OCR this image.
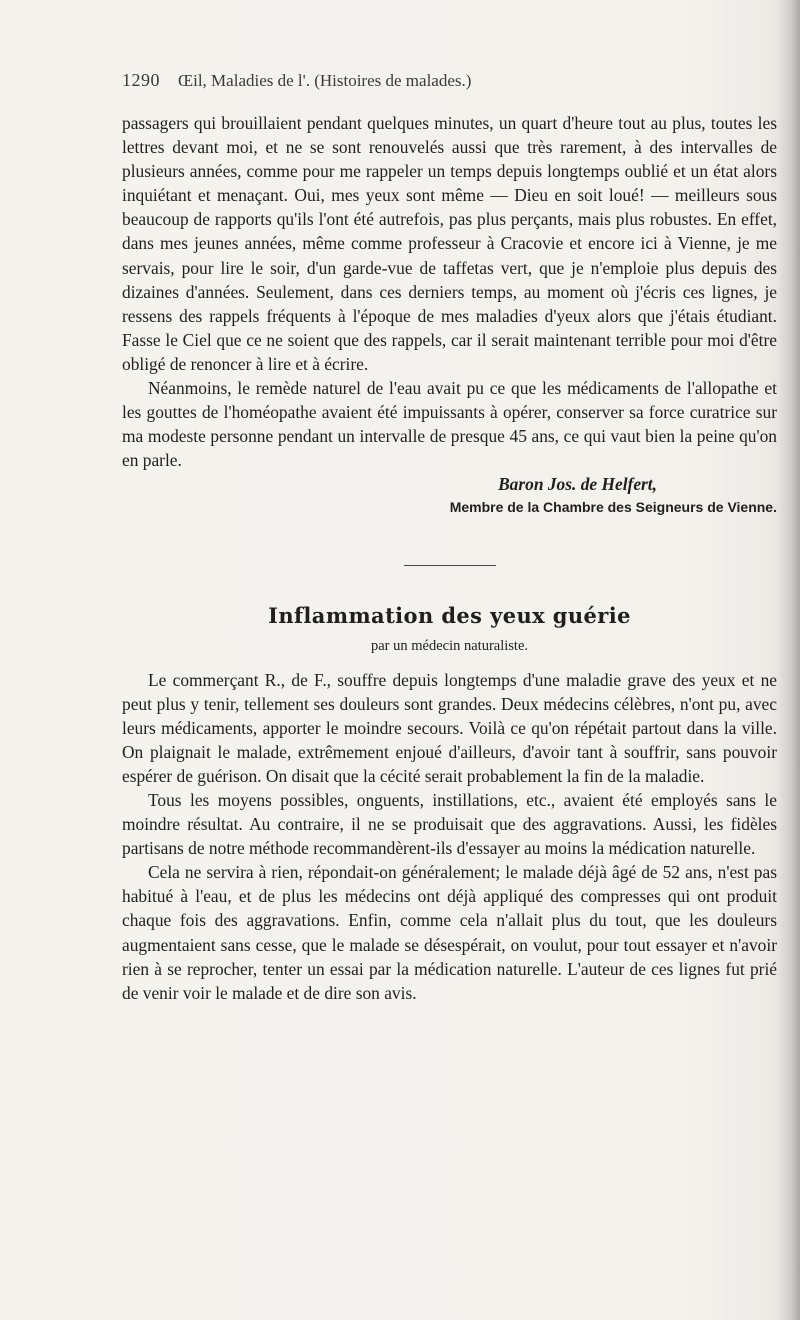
1290 Œil, Maladies de l'. (Histoires de malades.)

passagers qui brouillaient pendant quelques minutes, un quart d'heure tout au plus, toutes les lettres devant moi, et ne se sont renouvelés aussi que très rarement, à des intervalles de plusieurs années, comme pour me rappeler un temps depuis longtemps oublié et un état alors inquiétant et menaçant. Oui, mes yeux sont même — Dieu en soit loué! — meilleurs sous beaucoup de rapports qu'ils l'ont été autrefois, pas plus perçants, mais plus robustes. En effet, dans mes jeunes années, même comme professeur à Cracovie et encore ici à Vienne, je me servais, pour lire le soir, d'un garde-vue de taffetas vert, que je n'emploie plus depuis des dizaines d'années. Seulement, dans ces derniers temps, au moment où j'écris ces lignes, je ressens des rappels fréquents à l'époque de mes maladies d'yeux alors que j'étais étudiant. Fasse le Ciel que ce ne soient que des rappels, car il serait maintenant terrible pour moi d'être obligé de renoncer à lire et à écrire.

Néanmoins, le remède naturel de l'eau avait pu ce que les médicaments de l'allopathe et les gouttes de l'homéopathe avaient été impuissants à opérer, conserver sa force curatrice sur ma modeste personne pendant un intervalle de presque 45 ans, ce qui vaut bien la peine qu'on en parle.

Baron Jos. de Helfert,
Membre de la Chambre des Seigneurs de Vienne.
Inflammation des yeux guérie
par un médecin naturaliste.

Le commerçant R., de F., souffre depuis longtemps d'une maladie grave des yeux et ne peut plus y tenir, tellement ses douleurs sont grandes. Deux médecins célèbres, n'ont pu, avec leurs médicaments, apporter le moindre secours. Voilà ce qu'on répétait partout dans la ville. On plaignait le malade, extrêmement enjoué d'ailleurs, d'avoir tant à souffrir, sans pouvoir espérer de guérison. On disait que la cécité serait probablement la fin de la maladie.

Tous les moyens possibles, onguents, instillations, etc., avaient été employés sans le moindre résultat. Au contraire, il ne se produisait que des aggravations. Aussi, les fidèles partisans de notre méthode recommandèrent-ils d'essayer au moins la médication naturelle.

Cela ne servira à rien, répondait-on généralement; le malade déjà âgé de 52 ans, n'est pas habitué à l'eau, et de plus les médecins ont déjà appliqué des compresses qui ont produit chaque fois des aggravations. Enfin, comme cela n'allait plus du tout, que les douleurs augmentaient sans cesse, que le malade se désespérait, on voulut, pour tout essayer et n'avoir rien à se reprocher, tenter un essai par la médication naturelle. L'auteur de ces lignes fut prié de venir voir le malade et de dire son avis.
